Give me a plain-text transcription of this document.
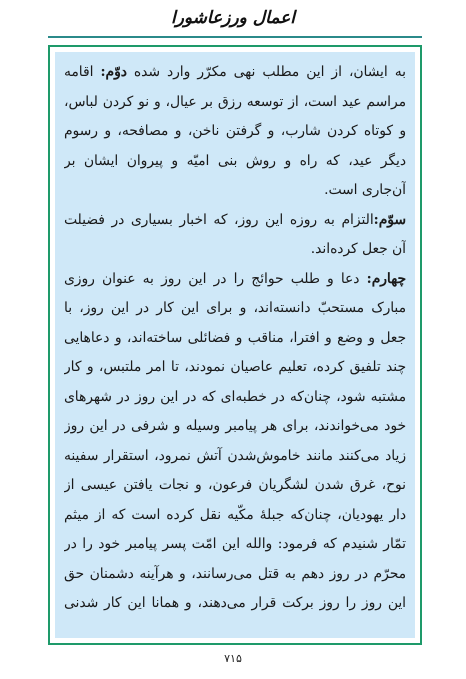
اعمال ورزعاشورا
به ایشان، از این مطلب نهی مکرّر وارد شده دوّم: اقامه
مراسم عید است، از توسعه رزق بر عیال، و نو کردن لباس،
و کوتاه کردن شارب، و گرفتن ناخن، و مصافحه، و رسوم
دیگر عید، که راه و روش بنی امیّه و پیروان ایشان بر
آن‌جاری است.
سوّم:التزام به روزه این روز، که اخبار بسیاری در فضیلت
آن جعل کرده‌اند.
چهارم: دعا و طلب حوائج را در این روز به عنوان روزی
مبارک مستحبّ دانسته‌اند، و برای این کار در این روز، با
جعل و وضع و افترا، مناقب و فضائلی ساخته‌اند، و دعاهایی
چند تلفیق کرده، تعلیم عاصیان نمودند، تا امر ملتبس، و کار
مشتبه شود، چنان‌که در خطبه‌ای که در این روز در شهرهای
خود می‌خواندند، برای هر پیامبر وسیله و شرفی در این روز
زیاد می‌کنند مانند خاموش‌شدن آتش نمرود، استقرار سفینه
نوح، غرق شدن لشگریان فرعون، و نجات یافتن عیسی از
دار یهودیان، چنان‌که جبلهٔ مکّیه نقل کرده است که از میثم
تمّار شنیدم که فرمود: والله این امّت پسر پیامبر خود را در
محرّم در روز دهم به قتل می‌رسانند، و هرآینه دشمنان حق
این روز را روز برکت قرار می‌دهند، و همانا این کار شدنی
۷۱۵
